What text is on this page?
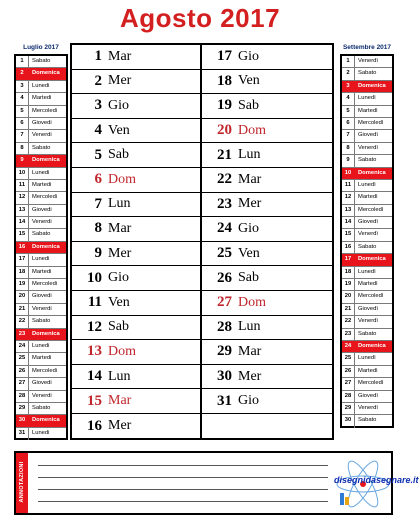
Agosto 2017
Luglio 2017	Settembre 2017
1	Sabato
2	Domenica
3	Lunedi
4	Martedi
5	Mercoledi
6	Giovedi
7	Venerdi
8	Sabato
9	Domenica
10	Lunedi
11	Martedi
12	Mercoledi
13	Giovedi
14	Venerdi
15	Sabato
16	Domenica
17	Lunedi
18	Martedi
19	Mercoledi
20	Giovedi
21	Venerdi
22	Sabato
23	Domenica
24	Lunedi
25	Martedi
26	Mercoledi
27	Giovedi
28	Venerdi
29	Sabato
30	Domenica
31	Lunedi
1	Venerdì
2	Sabato
3	Domenica
4	Lunedì
5	Martedì
6	Mercoledì
7	Giovedì
8	Venerdì
9	Sabato
10	Domenica
11	Lunedì
12	Martedì
13	Mercoledì
14	Giovedì
15	Venerdì
16	Sabato
17	Domenica
18	Lunedì
19	Martedì
20	Mercoledì
21	Giovedì
22	Venerdì
23	Sabato
24	Domenica
25	Lunedì
26	Martedì
27	Mercoledì
28	Giovedì
29	Venerdì
30	Sabato
1 Mar
2 Mer
3 Gio
4 Ven
5 Sab
6 Dom
7 Lun
8 Mar
9 Mer
10 Gio
11 Ven
12 Sab
13 Dom
14 Lun
15 Mar
16 Mer
17 Gio
18 Ven
19 Sab
20 Dom
21 Lun
22 Mar
23 Mer
24 Gio
25 Ven
26 Sab
27 Dom
28 Lun
29 Mar
30 Mer
31 Gio
ANNOTAZIONI	disegnidasegnare.it
